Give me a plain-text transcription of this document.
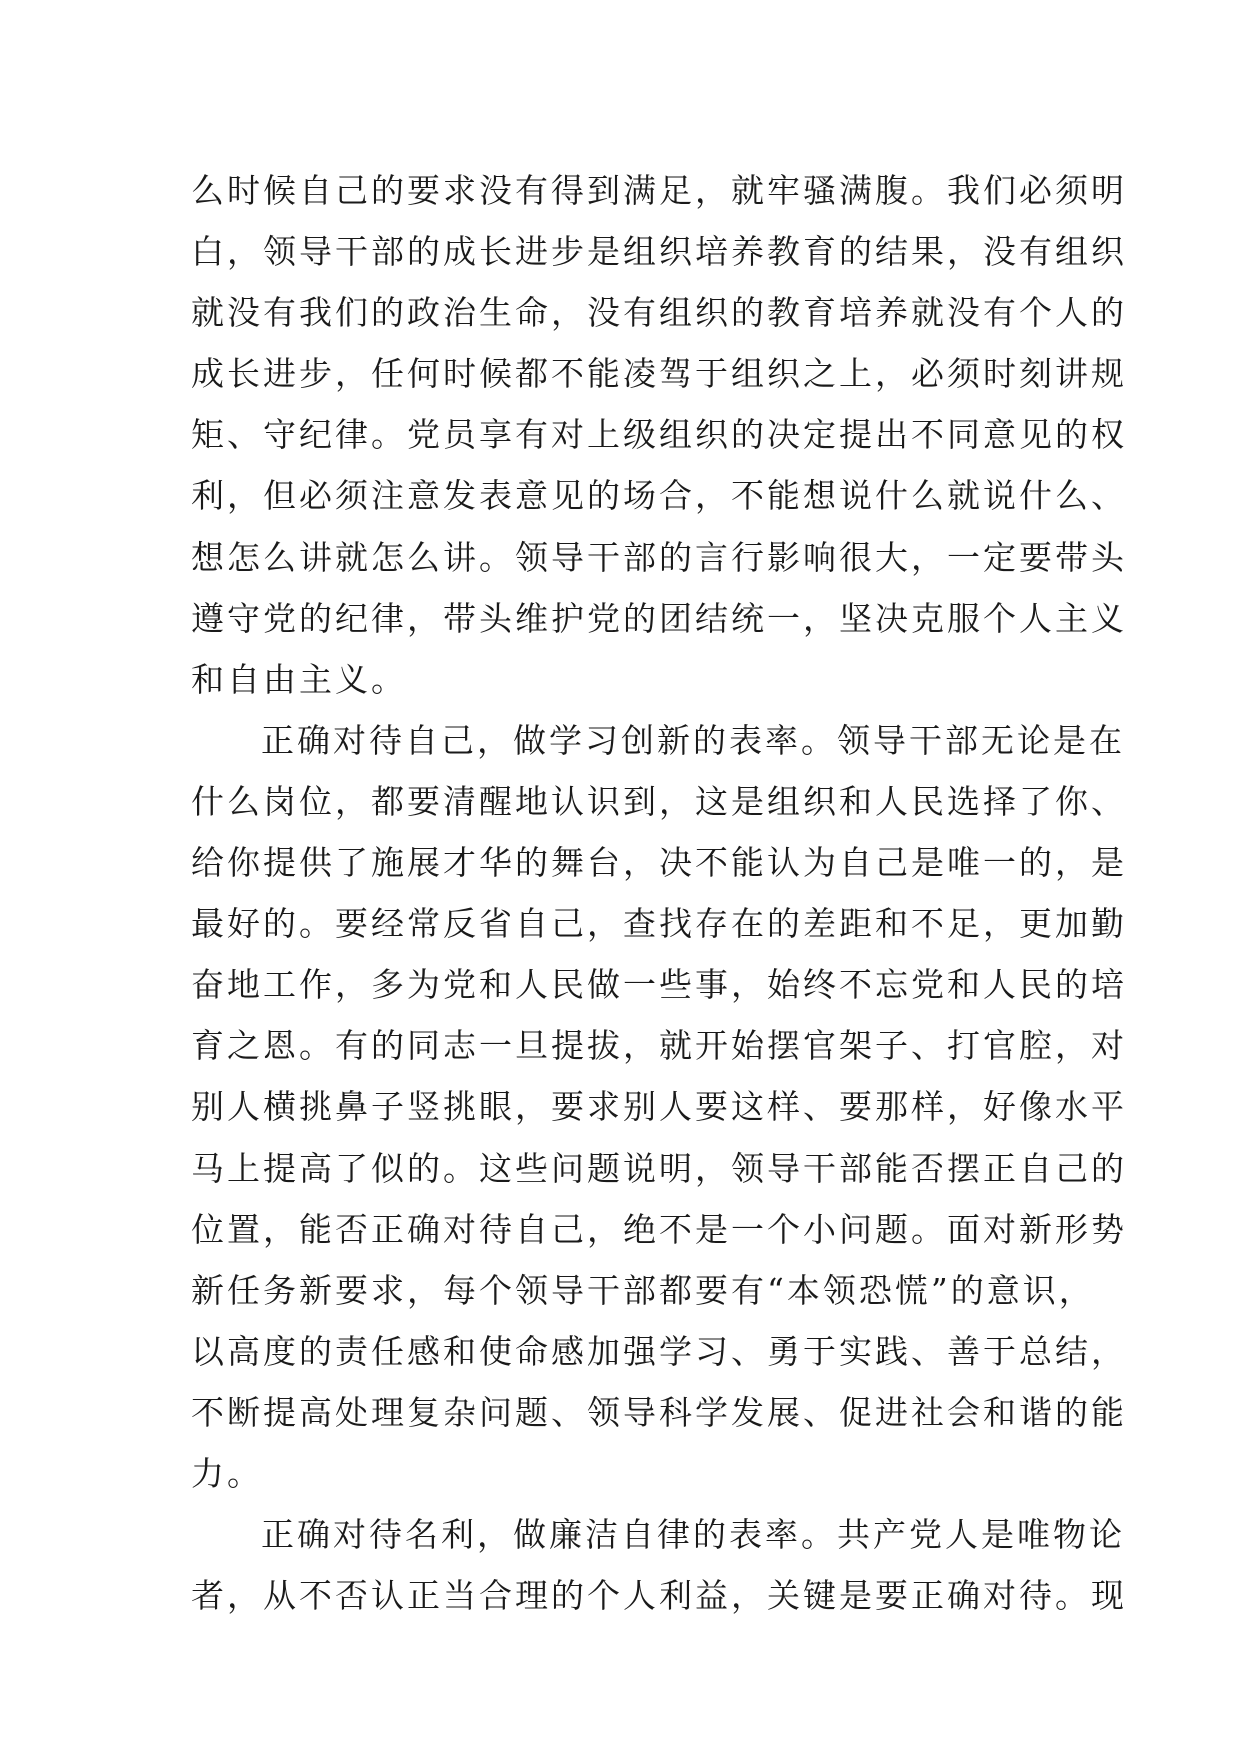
么时候自己的要求没有得到满足，就牢骚满腹。我们必须明
白，领导干部的成长进步是组织培养教育的结果，没有组织
就没有我们的政治生命，没有组织的教育培养就没有个人的
成长进步，任何时候都不能凌驾于组织之上，必须时刻讲规
矩、守纪律。党员享有对上级组织的决定提出不同意见的权
利，但必须注意发表意见的场合，不能想说什么就说什么、
想怎么讲就怎么讲。领导干部的言行影响很大，一定要带头
遵守党的纪律，带头维护党的团结统一，坚决克服个人主义
和自由主义。
正确对待自己，做学习创新的表率。领导干部无论是在
什么岗位，都要清醒地认识到，这是组织和人民选择了你、
给你提供了施展才华的舞台，决不能认为自己是唯一的，是
最好的。要经常反省自己，查找存在的差距和不足，更加勤
奋地工作，多为党和人民做一些事，始终不忘党和人民的培
育之恩。有的同志一旦提拔，就开始摆官架子、打官腔，对
别人横挑鼻子竖挑眼，要求别人要这样、要那样，好像水平
马上提高了似的。这些问题说明，领导干部能否摆正自己的
位置，能否正确对待自己，绝不是一个小问题。面对新形势
新任务新要求，每个领导干部都要有“本领恐慌”的意识，
以高度的责任感和使命感加强学习、勇于实践、善于总结，
不断提高处理复杂问题、领导科学发展、促进社会和谐的能
力。
正确对待名利，做廉洁自律的表率。共产党人是唯物论
者，从不否认正当合理的个人利益，关键是要正确对待。现
